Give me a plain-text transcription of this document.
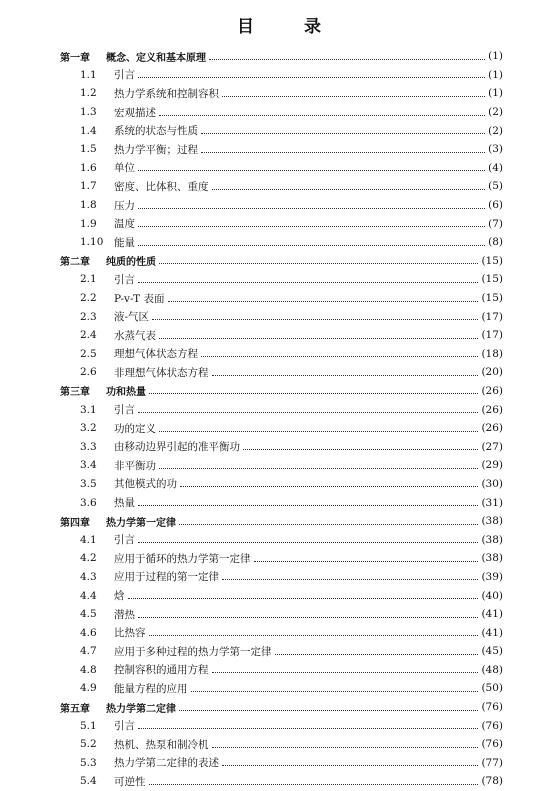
目 录
第一章	概念、定义和基本原理	(1)
1.1	引言	(1)
1.2	热力学系统和控制容积	(1)
1.3	宏观描述	(2)
1.4	系统的状态与性质	(2)
1.5	热力学平衡；过程	(3)
1.6	单位	(4)
1.7	密度、比体积、重度	(5)
1.8	压力	(6)
1.9	温度	(7)
1.10	能量	(8)
第二章	纯质的性质	(15)
2.1	引言	(15)
2.2	P-v-T 表面	(15)
2.3	液-气区	(17)
2.4	水蒸气表	(17)
2.5	理想气体状态方程	(18)
2.6	非理想气体状态方程	(20)
第三章	功和热量	(26)
3.1	引言	(26)
3.2	功的定义	(26)
3.3	由移动边界引起的准平衡功	(27)
3.4	非平衡功	(29)
3.5	其他模式的功	(30)
3.6	热量	(31)
第四章	热力学第一定律	(38)
4.1	引言	(38)
4.2	应用于循环的热力学第一定律	(38)
4.3	应用于过程的第一定律	(39)
4.4	焓	(40)
4.5	潜热	(41)
4.6	比热容	(41)
4.7	应用于多种过程的热力学第一定律	(45)
4.8	控制容积的通用方程	(48)
4.9	能量方程的应用	(50)
第五章	热力学第二定律	(76)
5.1	引言	(76)
5.2	热机、热泵和制冷机	(76)
5.3	热力学第二定律的表述	(77)
5.4	可逆性	(78)
